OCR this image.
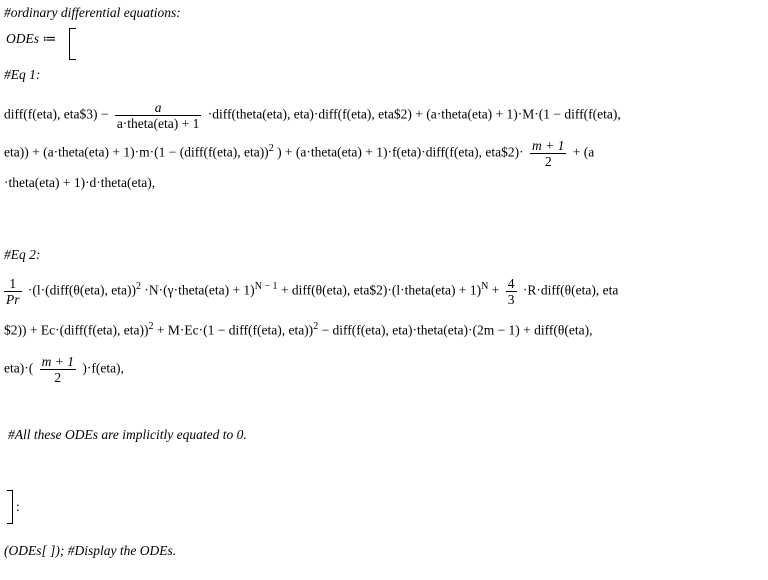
#ordinary differential equations:
ODEs ≔
#Eq 1:
diff(f(eta), eta$3) − $\frac{a}{\text{a·theta(eta) + 1}}$ ·diff(theta(eta), eta)·diff(f(eta), eta$2) + (a·theta(eta) + 1)·M·(1 − diff(f(eta),
eta)) + (a·theta(eta) + 1)·m·(1 − (diff(f(eta), eta))$^2$ ) + (a·theta(eta) + 1)·f(eta)·diff(f(eta), eta$2)· $\frac{m + 1}{2} + (a$
·theta(eta) + 1)·d·theta(eta),
#Eq 2:
$\frac{1}{Pr}$ ·(l·(diff(θ(eta), eta))$^2$ ·N·(γ·theta(eta) + 1)$^{N - 1}$ + diff(θ(eta), eta$2)·(l·theta(eta) + $1)^N + \frac{4}{3}$ ·R·diff(θ(eta), eta
$2)) + Ec·(diff(f(eta), eta))$^2$ + M·Ec·(1 − diff(f(eta), eta))$^2$ − diff(f(eta), eta)·theta(eta)·(2m − 1) + diff(θ(eta),
$eta)\cdot( \frac{m + 1}{2} )\cdot f(eta)$,
#All these ODEs are implicitly equated to 0.
:
(ODEs[ ]); #Display the ODEs.
